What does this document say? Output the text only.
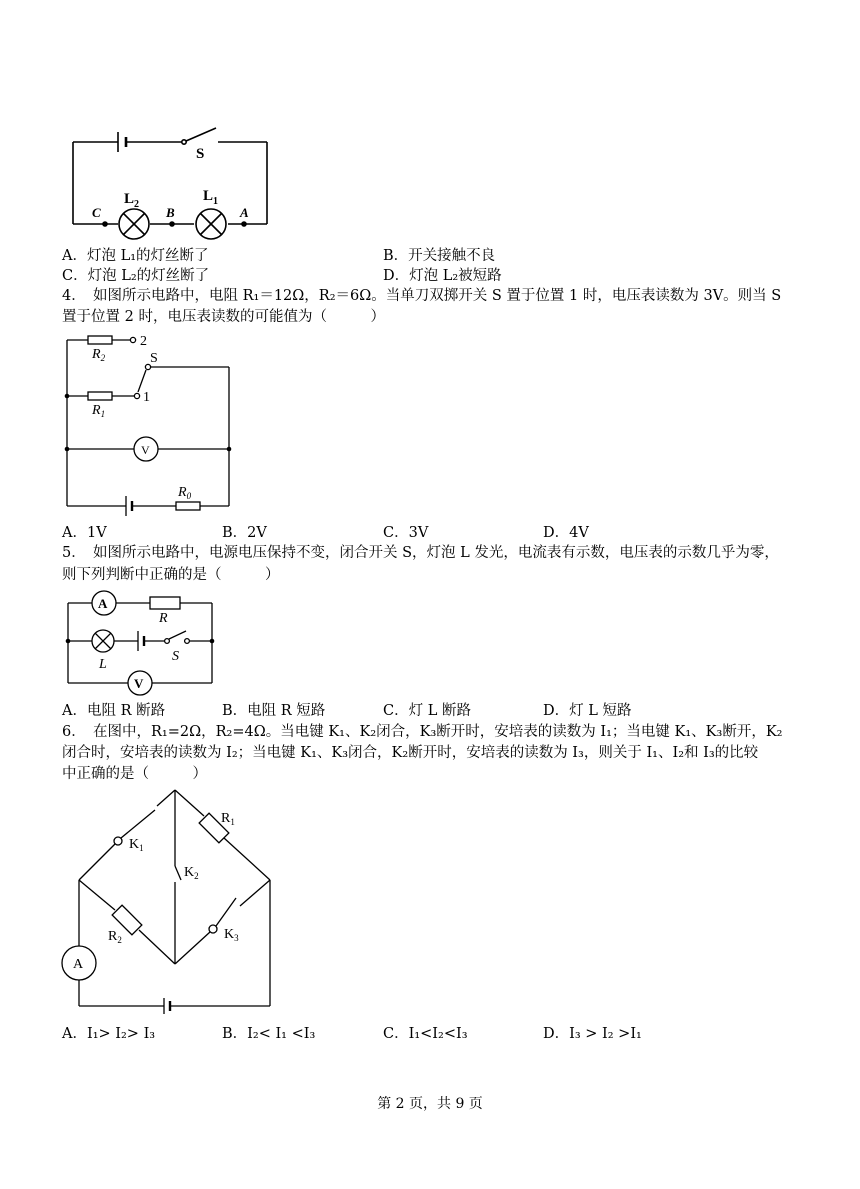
S
$L_2$
$L_1$
C	B	A
A．灯泡 L₁的灯丝断了	B．开关接触不良
C．灯泡 L₂的灯丝断了	D．灯泡 L₂被短路
4．　如图所示电路中，电阻 R₁＝12Ω，R₂＝6Ω。当单刀双掷开关 S 置于位置 1 时，电压表读数为 3V。则当 S
置于位置 2 时，电压表读数的可能值为（　　　）
$R_2$
$R_1$
$R_0$
S
1
2
V
A．1V	B．2V	C．3V	D．4V
5．　如图所示电路中，电源电压保持不变，闭合开关 S，灯泡 L 发光，电流表有示数，电压表的示数几乎为零，
则下列判断中正确的是（　　　）
A
R
L
S
V
A．电阻 R 断路	B．电阻 R 短路	C．灯 L 断路	D．灯 L 短路
6．　在图中，R₁=2Ω，R₂=4Ω。当电键 K₁、K₂闭合，K₃断开时，安培表的读数为 I₁；当电键 K₁、K₃断开，K₂
闭合时，安培表的读数为 I₂；当电键 K₁、K₃闭合，K₂断开时，安培表的读数为 I₃，则关于 I₁、I₂和 I₃的比较
中正确的是（　　　）
$K_1$
$K_2$
$K_3$
$R_1$
$R_2$
A
A．I₁> I₂> I₃	B．I₂< I₁ <I₃	C．I₁<I₂<I₃	D．I₃ > I₂ >I₁
第 2 页，共 9 页
